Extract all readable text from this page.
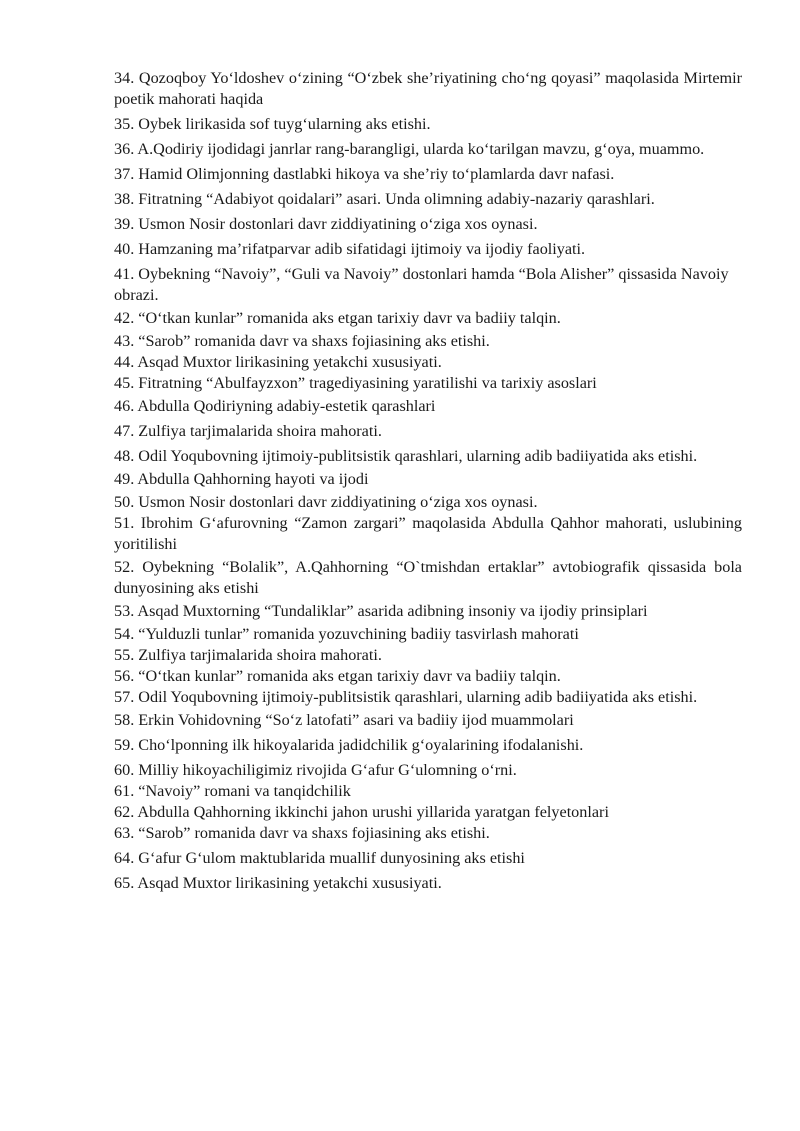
34. Qozoqboy Yo‘ldoshev o‘zining “O‘zbek she’riyatining cho‘ng qoyasi” maqolasida Mirtemir poetik mahorati haqida

35. Oybek lirikasida sof tuyg‘ularning aks etishi.

36. A.Qodiriy ijodidagi janrlar rang-barangligi, ularda ko‘tarilgan mavzu, g‘oya, muammo.

37. Hamid Olimjonning dastlabki hikoya va she’riy to‘plamlarda davr nafasi.

38. Fitratning “Adabiyot qoidalari” asari. Unda olimning adabiy-nazariy qarashlari.

39. Usmon Nosir dostonlari davr ziddiyatining o‘ziga xos oynasi.

40. Hamzaning ma’rifatparvar adib sifatidagi ijtimoiy va ijodiy faoliyati.

41. Oybekning “Navoiy”, “Guli va Navoiy” dostonlari hamda “Bola Alisher” qissasida Navoiy obrazi.

42. “O‘tkan kunlar” romanida aks etgan tarixiy davr va badiiy talqin.

43. “Sarob” romanida davr va shaxs fojiasining aks etishi.

44. Asqad Muxtor lirikasining yetakchi xususiyati.

45. Fitratning “Abulfayzxon” tragediyasining yaratilishi va tarixiy asoslari

46. Abdulla Qodiriyning adabiy-estetik qarashlari

47. Zulfiya tarjimalarida shoira mahorati.

48. Odil Yoqubovning ijtimoiy-publitsistik qarashlari, ularning adib badiiyatida aks etishi.

49. Abdulla Qahhorning hayoti va ijodi

50. Usmon Nosir dostonlari davr ziddiyatining o‘ziga xos oynasi.

51. Ibrohim G‘afurovning “Zamon zargari” maqolasida Abdulla Qahhor mahorati, uslubining yoritilishi

52. Oybekning “Bolalik”, A.Qahhorning “O`tmishdan ertaklar” avtobiografik qissasida bola dunyosining aks etishi

53. Asqad Muxtorning “Tundaliklar” asarida adibning insoniy va ijodiy prinsiplari

54. “Yulduzli tunlar” romanida yozuvchining badiiy tasvirlash mahorati

55. Zulfiya tarjimalarida shoira mahorati.

56. “O‘tkan kunlar” romanida aks etgan tarixiy davr va badiiy talqin.

57. Odil Yoqubovning ijtimoiy-publitsistik qarashlari, ularning adib badiiyatida aks etishi.

58. Erkin Vohidovning “So‘z latofati” asari va badiiy ijod muammolari

59. Cho‘lponning ilk hikoyalarida jadidchilik g‘oyalarining ifodalanishi.

60. Milliy hikoyachiligimiz rivojida G‘afur G‘ulomning o‘rni.

61. “Navoiy” romani va tanqidchilik

62. Abdulla Qahhorning ikkinchi jahon urushi yillarida yaratgan felyetonlari

63. “Sarob” romanida davr va shaxs fojiasining aks etishi.

64. G‘afur G‘ulom maktublarida muallif dunyosining aks etishi

65. Asqad Muxtor lirikasining yetakchi xususiyati.
